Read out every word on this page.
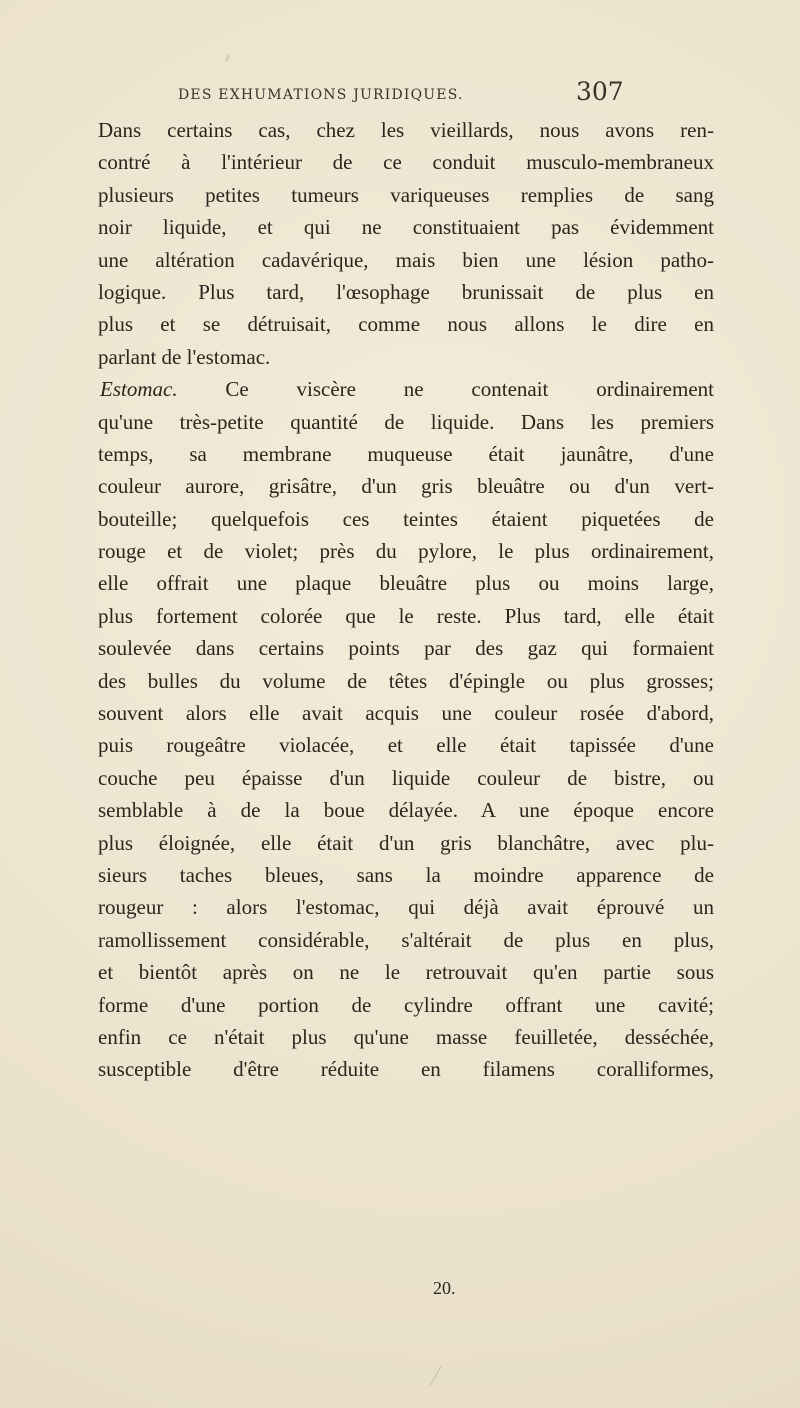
DES EXHUMATIONS JURIDIQUES.	307
Dans certains cas, chez les vieillards, nous avons ren-
contré à l'intérieur de ce conduit musculo-membraneux
plusieurs petites tumeurs variqueuses remplies de sang
noir liquide, et qui ne constituaient pas évidemment
une altération cadavérique, mais bien une lésion patho-
logique. Plus tard, l'œsophage brunissait de plus en
plus et se détruisait, comme nous allons le dire en
parlant de l'estomac.
Estomac. Ce viscère ne contenait ordinairement
qu'une très-petite quantité de liquide. Dans les premiers
temps, sa membrane muqueuse était jaunâtre, d'une
couleur aurore, grisâtre, d'un gris bleuâtre ou d'un vert-
bouteille; quelquefois ces teintes étaient piquetées de
rouge et de violet; près du pylore, le plus ordinairement,
elle offrait une plaque bleuâtre plus ou moins large,
plus fortement colorée que le reste. Plus tard, elle était
soulevée dans certains points par des gaz qui formaient
des bulles du volume de têtes d'épingle ou plus grosses;
souvent alors elle avait acquis une couleur rosée d'abord,
puis rougeâtre violacée, et elle était tapissée d'une
couche peu épaisse d'un liquide couleur de bistre, ou
semblable à de la boue délayée. A une époque encore
plus éloignée, elle était d'un gris blanchâtre, avec plu-
sieurs taches bleues, sans la moindre apparence de
rougeur : alors l'estomac, qui déjà avait éprouvé un
ramollissement considérable, s'altérait de plus en plus,
et bientôt après on ne le retrouvait qu'en partie sous
forme d'une portion de cylindre offrant une cavité;
enfin ce n'était plus qu'une masse feuilletée, desséchée,
susceptible d'être réduite en filamens coralliformes,
20.
